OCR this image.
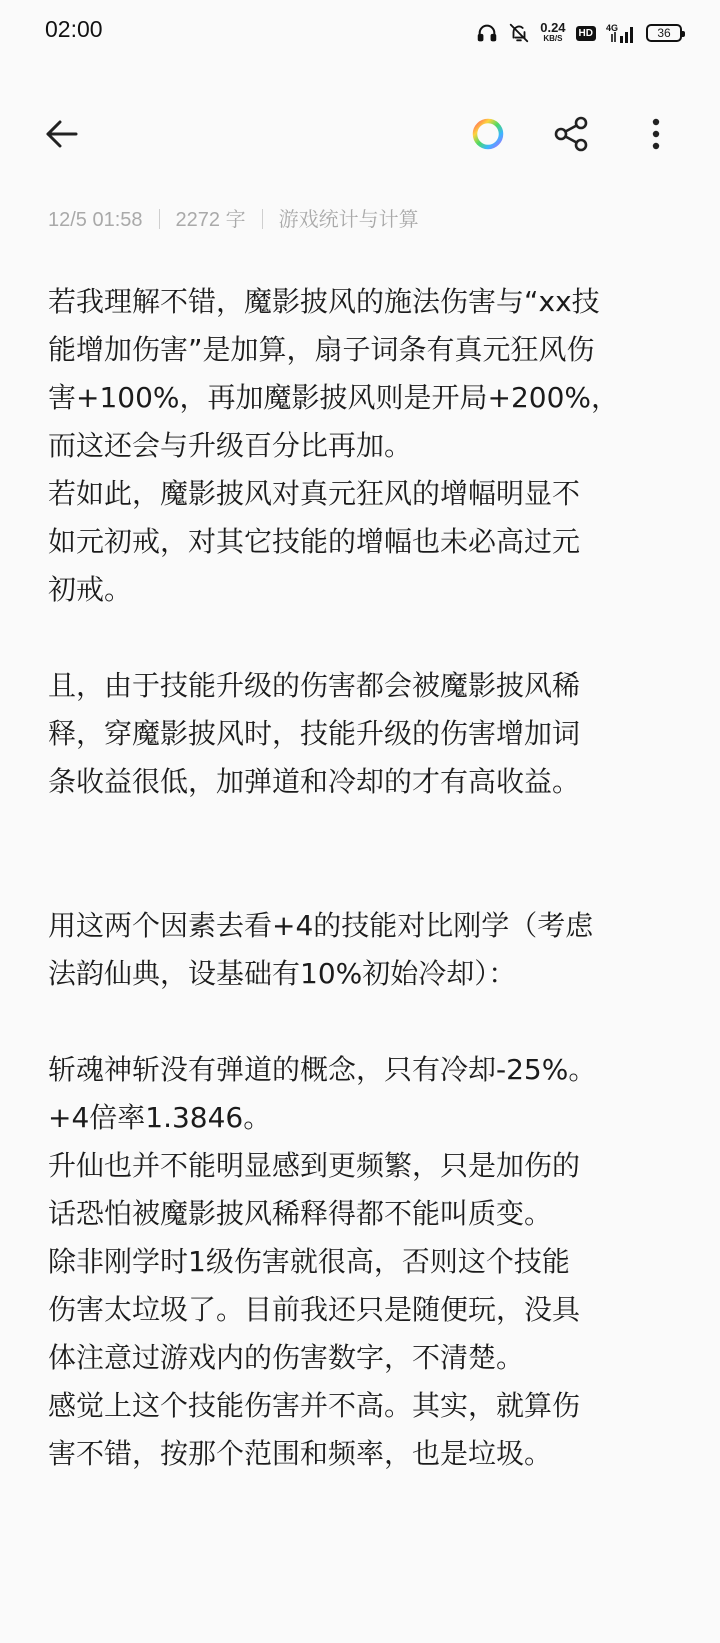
02:00	0.24
KB/S	HD	4G	36
12/5 01:58 2272 字 游戏统计与计算

若我理解不错，魔影披风的施法伤害与“xx技

能增加伤害”是加算，扇子词条有真元狂风伤

害+100%，再加魔影披风则是开局+200%，

而这还会与升级百分比再加。

若如此，魔影披风对真元狂风的增幅明显不

如元初戒，对其它技能的增幅也未必高过元

初戒。

且，由于技能升级的伤害都会被魔影披风稀

释，穿魔影披风时，技能升级的伤害增加词

条收益很低，加弹道和冷却的才有高收益。

用这两个因素去看+4的技能对比刚学（考虑

法韵仙典，设基础有10%初始冷却）：

斩魂神斩没有弹道的概念，只有冷却-25%。

+4倍率1.3846。

升仙也并不能明显感到更频繁，只是加伤的

话恐怕被魔影披风稀释得都不能叫质变。

除非刚学时1级伤害就很高，否则这个技能

伤害太垃圾了。目前我还只是随便玩，没具

体注意过游戏内的伤害数字，不清楚。

感觉上这个技能伤害并不高。其实，就算伤

害不错，按那个范围和频率，也是垃圾。
